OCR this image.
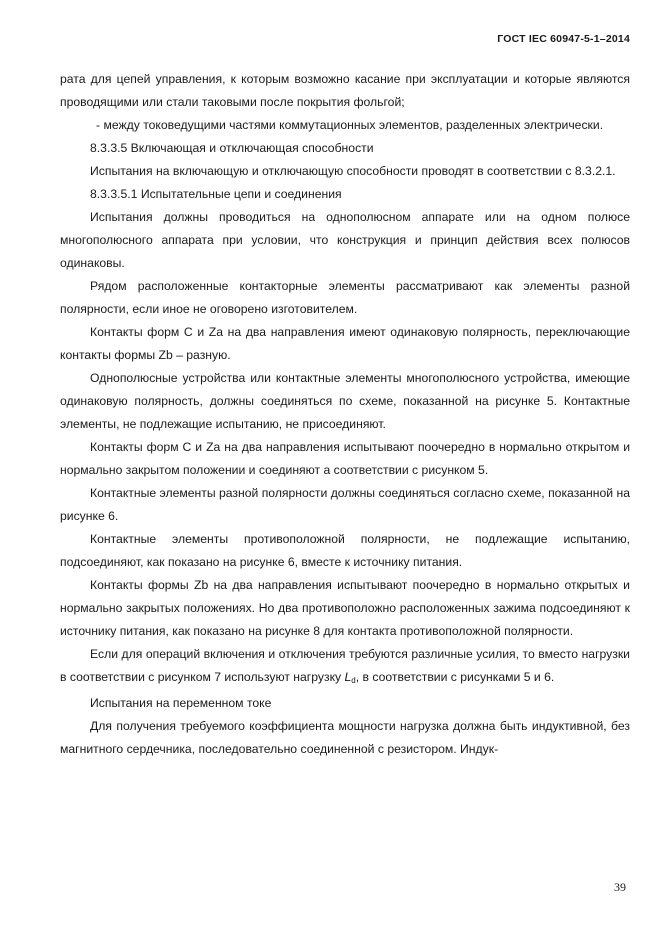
ГОСТ IEC 60947-5-1–2014

рата для цепей управления, к которым возможно касание при эксплуатации и которые являются проводящими или стали таковыми после покрытия фольгой;

- между токоведущими частями коммутационных элементов, разделенных электрически.

8.3.3.5 Включающая и отключающая способности

Испытания на включающую и отключающую способности проводят в соответствии с 8.3.2.1.

8.3.3.5.1 Испытательные цепи и соединения

Испытания должны проводиться на однополюсном аппарате или на одном полюсе многополюсного аппарата при условии, что конструкция и принцип действия всех полюсов одинаковы.

Рядом расположенные контакторные элементы рассматривают как элементы разной полярности, если иное не оговорено изготовителем.

Контакты форм C и Za на два направления имеют одинаковую полярность, переключающие контакты формы Zb – разную.

Однополюсные устройства или контактные элементы многополюсного устройства, имеющие одинаковую полярность, должны соединяться по схеме, показанной на рисунке 5. Контактные элементы, не подлежащие испытанию, не присоединяют.

Контакты форм C и Za на два направления испытывают поочередно в нормально открытом и нормально закрытом положении и соединяют а соответствии с рисунком 5.

Контактные элементы разной полярности должны соединяться согласно схеме, показанной на рисунке 6.

Контактные элементы противоположной полярности, не подлежащие испытанию, подсоединяют, как показано на рисунке 6, вместе к источнику питания.

Контакты формы Zb на два направления испытывают поочередно в нормально открытых и нормально закрытых положениях. Но два противоположно расположенных зажима подсоединяют к источнику питания, как показано на рисунке 8 для контакта противоположной полярности.

Если для операций включения и отключения требуются различные усилия, то вместо нагрузки в соответствии с рисунком 7 используют нагрузку $L_d$, в соответствии с рисунками 5 и 6.

Испытания на переменном токе

Для получения требуемого коэффициента мощности нагрузка должна быть индуктивной, без магнитного сердечника, последовательно соединенной с резистором. Индук-

39
